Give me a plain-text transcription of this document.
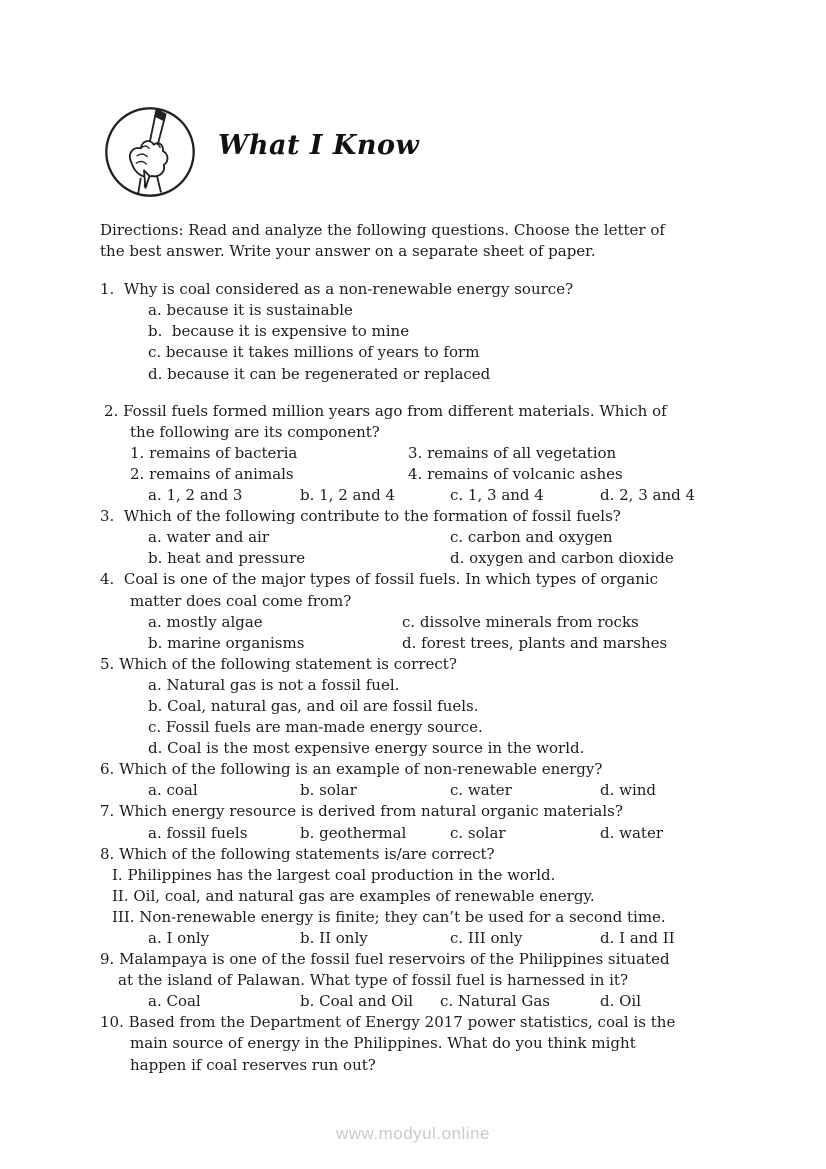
What I Know
Directions: Read and analyze the following questions. Choose the letter of
the best answer. Write your answer on a separate sheet of paper.
1.  Why is coal considered as a non-renewable energy source?
a. because it is sustainable
b.  because it is expensive to mine
c. because it takes millions of years to form
d. because it can be regenerated or replaced
2. Fossil fuels formed million years ago from different materials. Which of
the following are its component?
1. remains of bacteria	3. remains of all vegetation
2. remains of animals	4. remains of volcanic ashes
a. 1, 2 and 3	b. 1, 2 and 4	c. 1, 3 and 4	d. 2, 3 and 4
3.  Which of the following contribute to the formation of fossil fuels?
a. water and air	c. carbon and oxygen
b. heat and pressure	d. oxygen and carbon dioxide
4.  Coal is one of the major types of fossil fuels. In which types of organic
matter does coal come from?
a. mostly algae	c. dissolve minerals from rocks
b. marine organisms	d. forest trees, plants and marshes
5. Which of the following statement is correct?
a. Natural gas is not a fossil fuel.
b. Coal, natural gas, and oil are fossil fuels.
c. Fossil fuels are man-made energy source.
d. Coal is the most expensive energy source in the world.
6. Which of the following is an example of non-renewable energy?
a. coal	b. solar	c. water	d. wind
7. Which energy resource is derived from natural organic materials?
a. fossil fuels	b. geothermal	c. solar	d. water
8. Which of the following statements is/are correct?
I. Philippines has the largest coal production in the world.
II. Oil, coal, and natural gas are examples of renewable energy.
III. Non-renewable energy is finite; they can’t be used for a second time.
a. I only	b. II only	c. III only	d. I and II
9. Malampaya is one of the fossil fuel reservoirs of the Philippines situated
at the island of Palawan. What type of fossil fuel is harnessed in it?
a. Coal	b. Coal and Oil c. Natural Gas	d. Oil
10. Based from the Department of Energy 2017 power statistics, coal is the
main source of energy in the Philippines. What do you think might
happen if coal reserves run out?
www.modyul.online
